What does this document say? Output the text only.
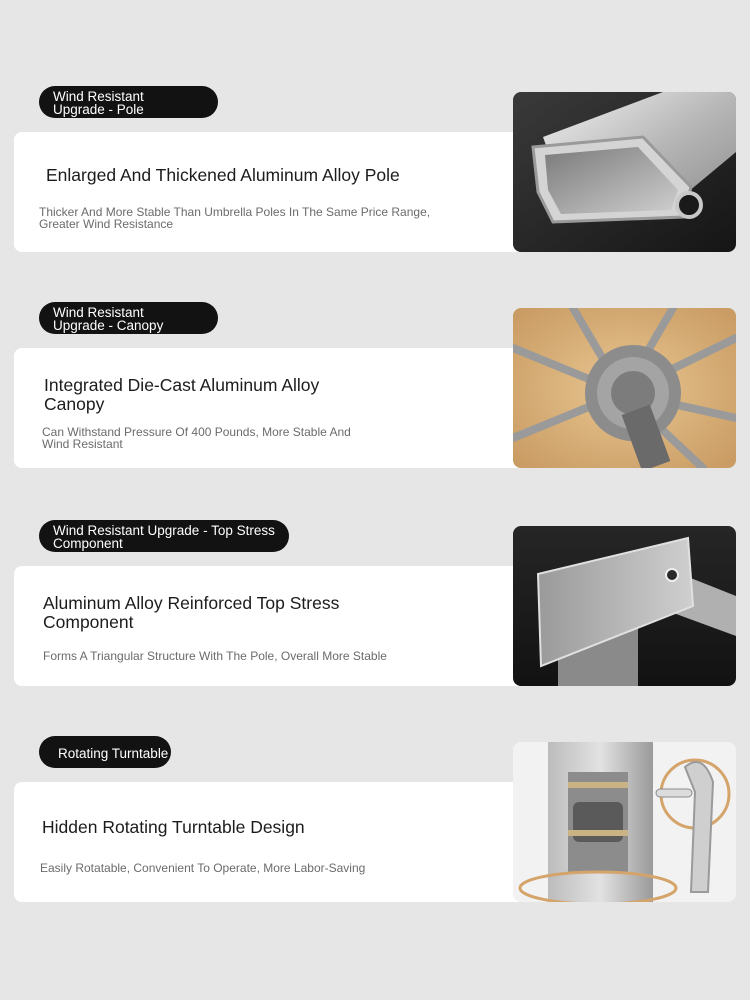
Wind Resistant
Upgrade - Pole
Enlarged And Thickened Aluminum Alloy Pole

Thicker And More Stable Than Umbrella Poles In The Same Price Range, Greater Wind Resistance

Wind Resistant
Upgrade - Canopy
Integrated Die-Cast Aluminum Alloy Canopy

Can Withstand Pressure Of 400 Pounds, More Stable And Wind Resistant

Wind Resistant Upgrade - Top Stress
Component
Aluminum Alloy Reinforced Top Stress Component

Forms A Triangular Structure With The Pole, Overall More Stable

Rotating Turntable
Hidden Rotating Turntable Design

Easily Rotatable, Convenient To Operate, More Labor-Saving
